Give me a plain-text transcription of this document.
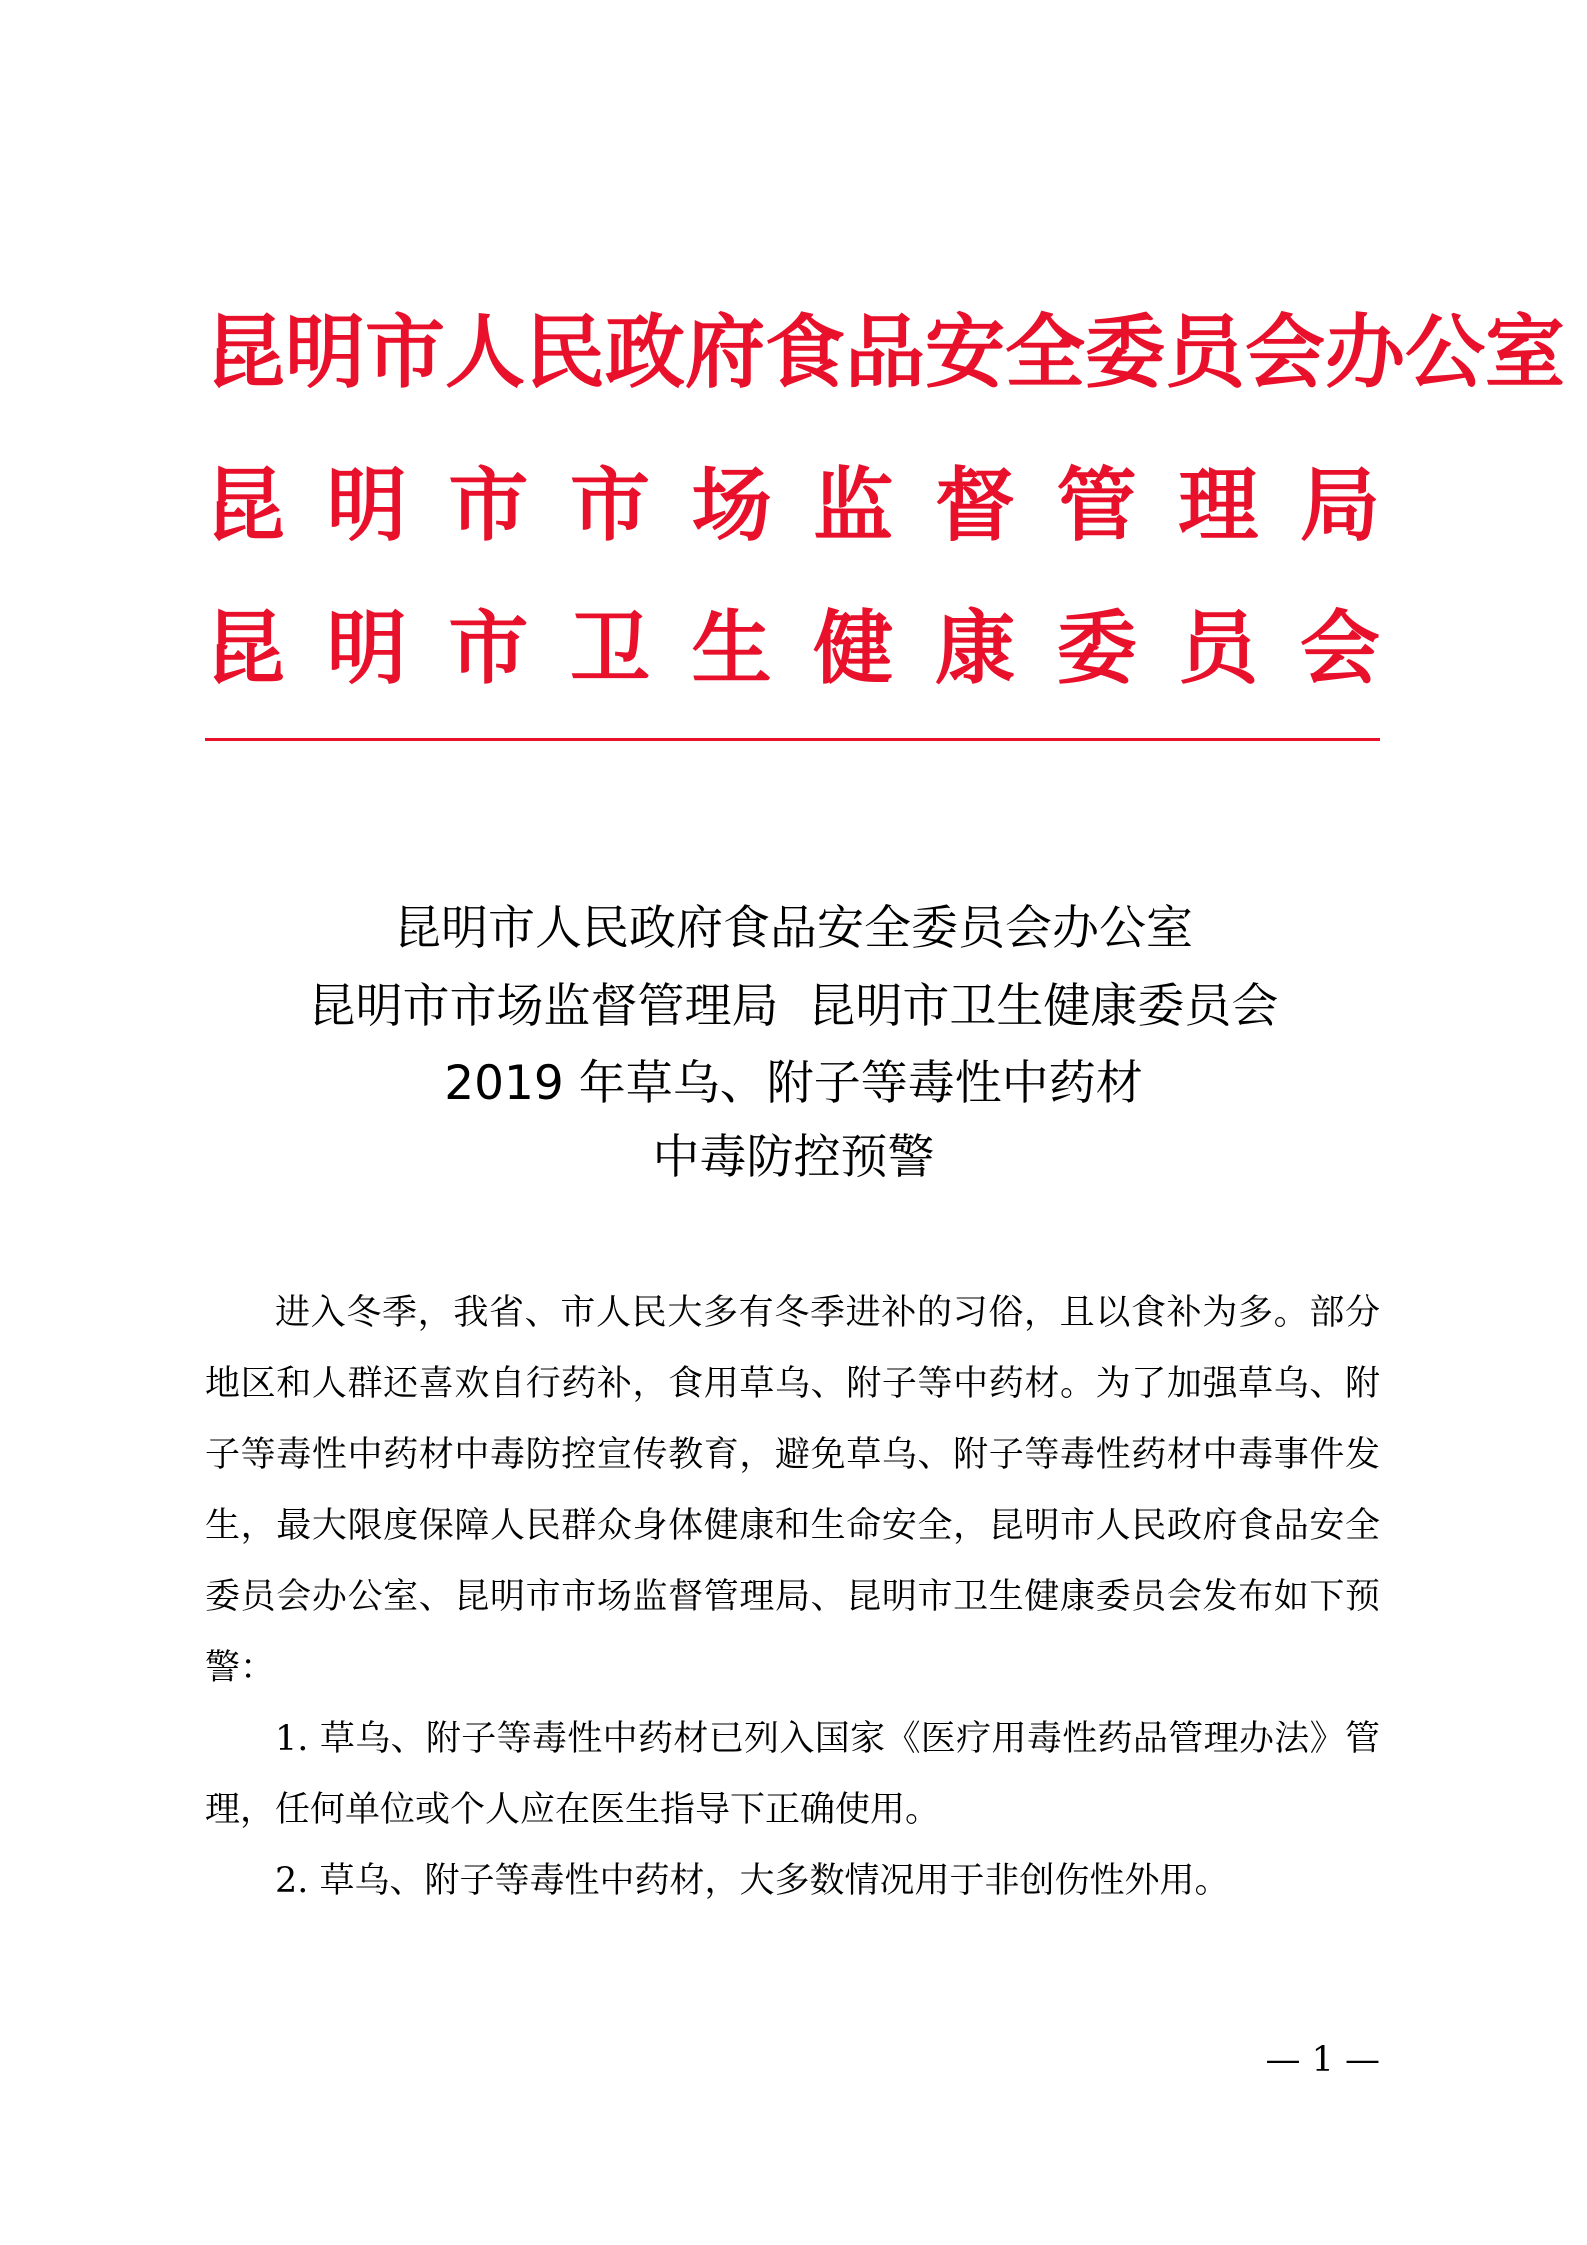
昆 明 市 人 民 政 府 食 品 安 全 委 员 会 办 公 室
昆 明 市 市 场 监 督 管 理 局
昆 明 市 卫 生 健 康 委 员 会
昆明市人民政府食品安全委员会办公室
昆明市市场监督管理局  昆明市卫生健康委员会
2019 年草乌、附子等毒性中药材
中毒防控预警

进入冬季，我省、市人民大多有冬季进补的习俗，且以食补为多。部分地区和人群还喜欢自行药补，食用草乌、附子等中药材。为了加强草乌、附子等毒性中药材中毒防控宣传教育，避免草乌、附子等毒性药材中毒事件发生，最大限度保障人民群众身体健康和生命安全，昆明市人民政府食品安全委员会办公室、昆明市市场监督管理局、昆明市卫生健康委员会发布如下预警：

1. 草乌、附子等毒性中药材已列入国家《医疗用毒性药品管理办法》管理，任何单位或个人应在医生指导下正确使用。

2. 草乌、附子等毒性中药材，大多数情况用于非创伤性外用。

— 1 —
